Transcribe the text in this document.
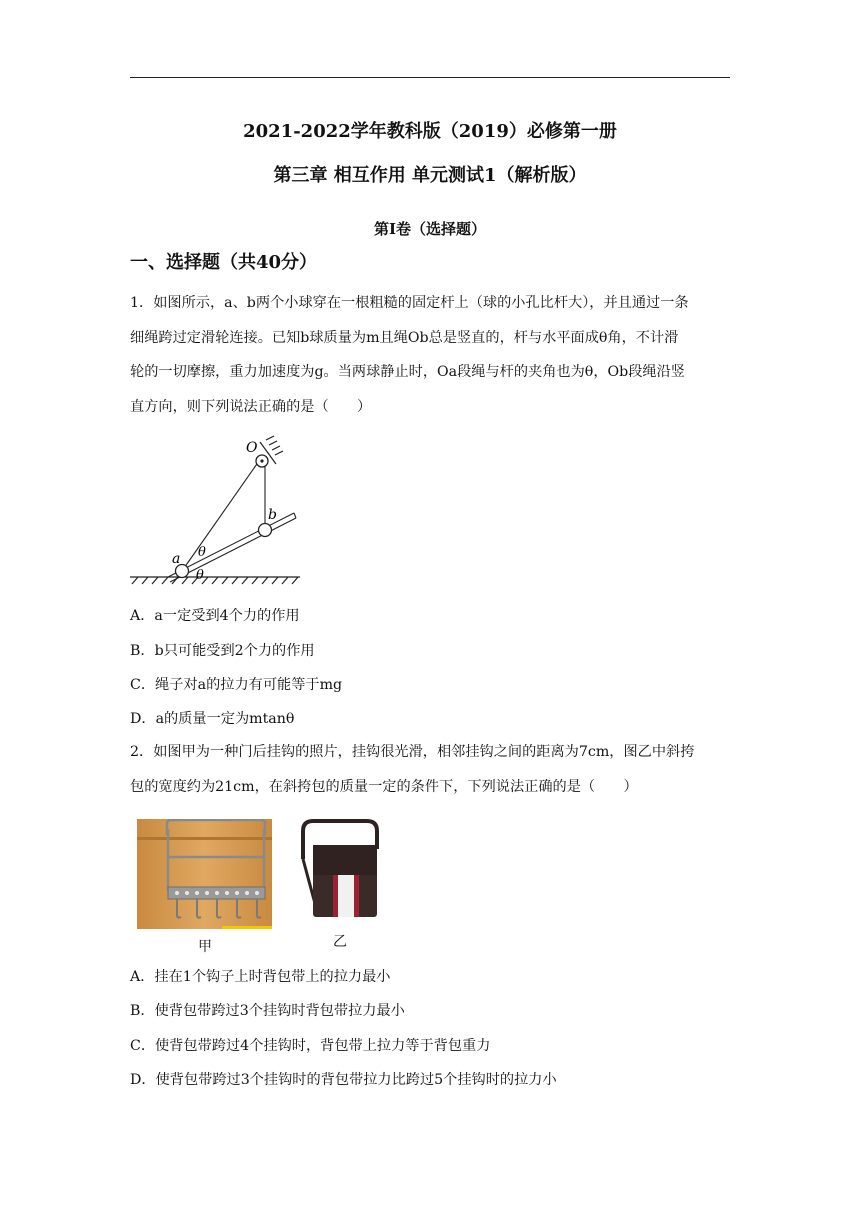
2021-2022学年教科版（2019）必修第一册
第三章 相互作用 单元测试1（解析版）
第Ⅰ卷（选择题）
一、选择题（共40分）
1．如图所示，a、b两个小球穿在一根粗糙的固定杆上（球的小孔比杆大），并且通过一条
细绳跨过定滑轮连接。已知b球质量为m且绳Ob总是竖直的，杆与水平面成θ角，不计滑
轮的一切摩擦，重力加速度为g。当两球静止时，Oa段绳与杆的夹角也为θ，Ob段绳沿竖
直方向，则下列说法正确的是（　　）
O
b
a θ
θ
A．a一定受到4个力的作用
B．b只可能受到2个力的作用
C．绳子对a的拉力有可能等于mg
D．a的质量一定为mtanθ
2．如图甲为一种门后挂钩的照片，挂钩很光滑，相邻挂钩之间的距离为7cm，图乙中斜挎
包的宽度约为21cm，在斜挎包的质量一定的条件下，下列说法正确的是（　　）
甲	乙
A．挂在1个钩子上时背包带上的拉力最小
B．使背包带跨过3个挂钩时背包带拉力最小
C．使背包带跨过4个挂钩时，背包带上拉力等于背包重力
D．使背包带跨过3个挂钩时的背包带拉力比跨过5个挂钩时的拉力小
